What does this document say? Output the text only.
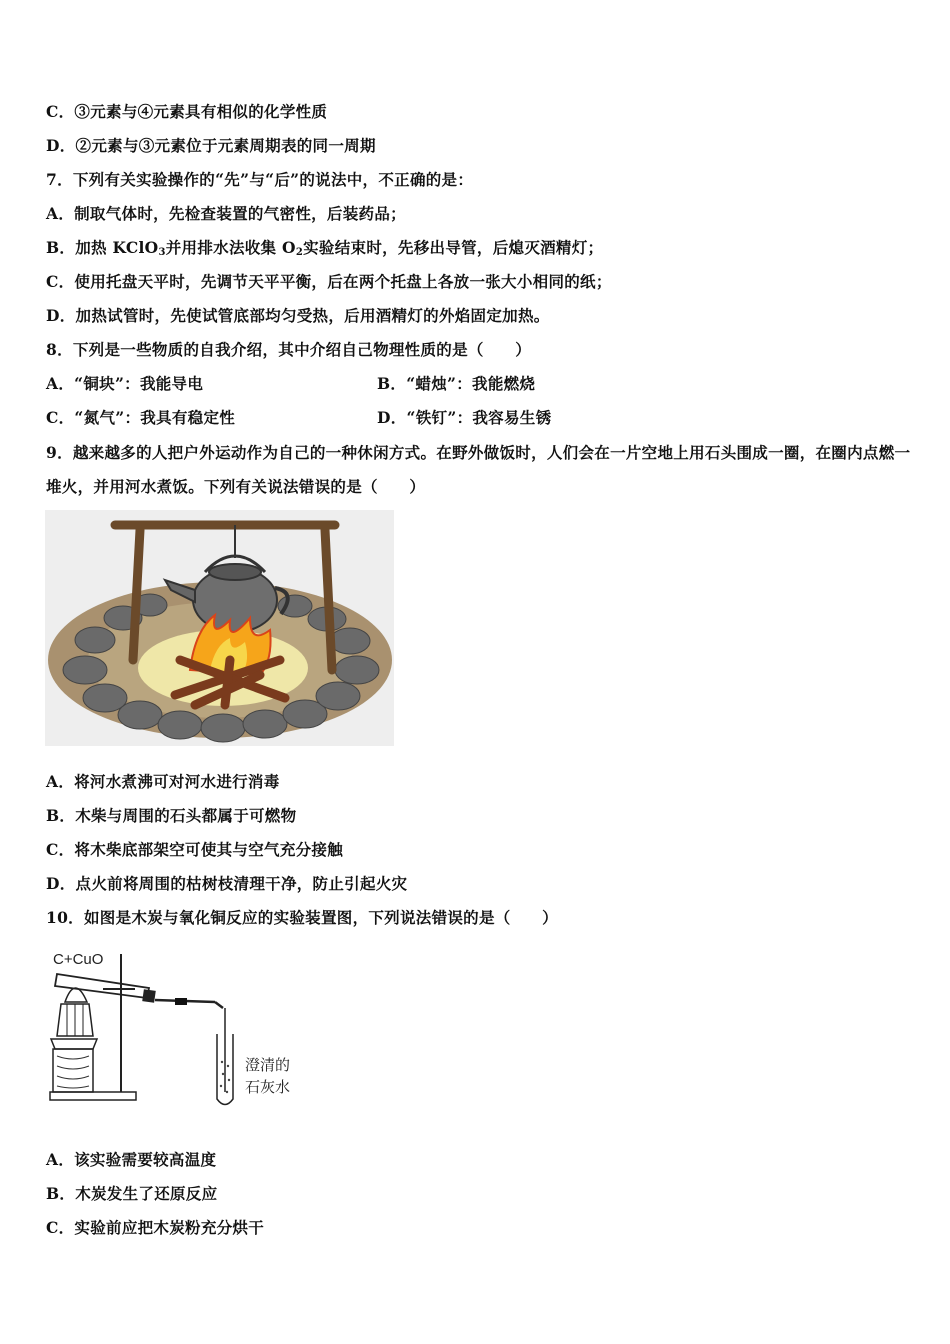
C．③元素与④元素具有相似的化学性质
D．②元素与③元素位于元素周期表的同一周期
7．下列有关实验操作的“先”与“后”的说法中，不正确的是：
A．制取气体时，先检查装置的气密性，后装药品；
B．加热 KClO$_3$并用排水法收集 $O_2$实验结束时，先移出导管，后熄灭酒精灯；
C．使用托盘天平时，先调节天平平衡，后在两个托盘上各放一张大小相同的纸；
D．加热试管时，先使试管底部均匀受热，后用酒精灯的外焰固定加热。
8．下列是一些物质的自我介绍，其中介绍自己物理性质的是（　　）
A．“铜块”：我能导电	B．“蜡烛”：我能燃烧
C．“氮气”：我具有稳定性	D．“铁钉”：我容易生锈
9．越来越多的人把户外运动作为自己的一种休闲方式。在野外做饭时，人们会在一片空地上用石头围成一圈，在圈内点燃一堆火，并用河水煮饭。下列有关说法错误的是（　　）
A．将河水煮沸可对河水进行消毒
B．木柴与周围的石头都属于可燃物
C．将木柴底部架空可使其与空气充分接触
D．点火前将周围的枯树枝清理干净，防止引起火灾
10．如图是木炭与氧化铜反应的实验装置图，下列说法错误的是（　　）
C+CuO
澄清的
石灰水
A．该实验需要较高温度
B．木炭发生了还原反应
C．实验前应把木炭粉充分烘干
